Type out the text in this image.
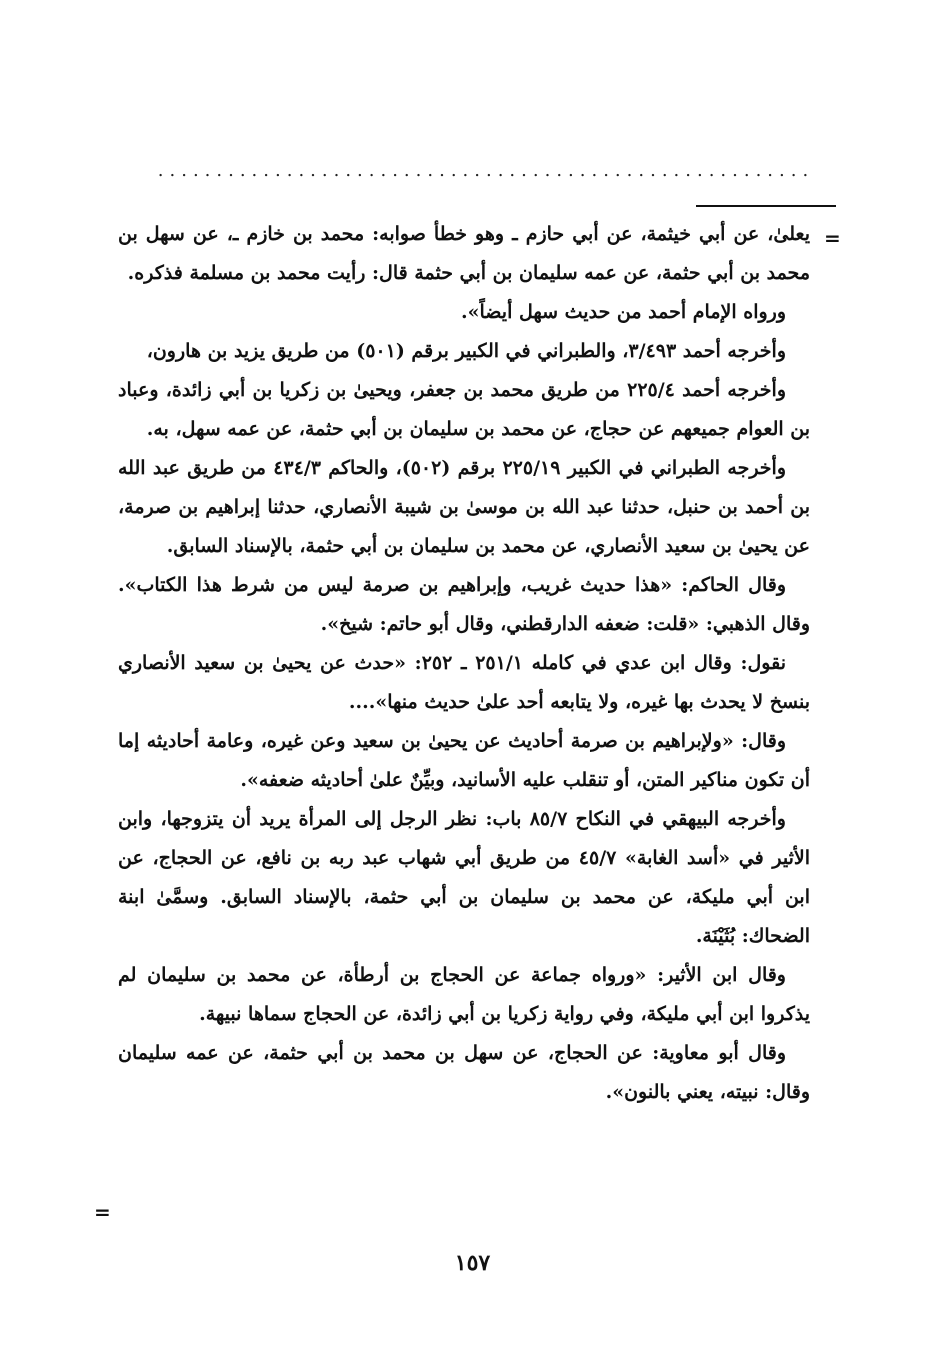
........................................................
=

يعلىٰ، عن أبي خيثمة، عن أبي حازم ـ وهو خطأ صوابه: محمد بن خازم ـ، عن سهل بن محمد بن أبي حثمة، عن عمه سليمان بن أبي حثمة قال: رأيت محمد بن مسلمة فذكره.

ورواه الإمام أحمد من حديث سهل أيضاً».

وأخرجه أحمد ٣/٤٩٣، والطبراني في الكبير برقم (٥٠١) من طريق يزيد بن هارون،

وأخرجه أحمد ٢٢٥/٤ من طريق محمد بن جعفر، ويحيىٰ بن زكريا بن أبي زائدة، وعباد بن العوام جميعهم عن حجاج، عن محمد بن سليمان بن أبي حثمة، عن عمه سهل، به.

وأخرجه الطبراني في الكبير ٢٢٥/١٩ برقم (٥٠٢)، والحاكم ٤٣٤/٣ من طريق عبد الله بن أحمد بن حنبل، حدثنا عبد الله بن موسىٰ بن شيبة الأنصاري، حدثنا إبراهيم بن صرمة، عن يحيىٰ بن سعيد الأنصاري، عن محمد بن سليمان بن أبي حثمة، بالإسناد السابق.

وقال الحاكم: «هذا حديث غريب، وإبراهيم بن صرمة ليس من شرط هذا الكتاب». وقال الذهبي: «قلت: ضعفه الدارقطني، وقال أبو حاتم: شيخ».

نقول: وقال ابن عدي في كامله ٢٥١/١ ـ ٢٥٢: «حدث عن يحيىٰ بن سعيد الأنصاري بنسخ لا يحدث بها غيره، ولا يتابعه أحد علىٰ حديث منها»....

وقال: «ولإبراهيم بن صرمة أحاديث عن يحيىٰ بن سعيد وعن غيره، وعامة أحاديثه إما أن تكون مناكير المتن، أو تنقلب عليه الأسانيد، وبيِّنٌ علىٰ أحاديثه ضعفه».

وأخرجه البيهقي في النكاح ٨٥/٧ باب: نظر الرجل إلى المرأة يريد أن يتزوجها، وابن الأثير في «أسد الغابة» ٤٥/٧ من طريق أبي شهاب عبد ربه بن نافع، عن الحجاج، عن ابن أبي مليكة، عن محمد بن سليمان بن أبي حثمة، بالإسناد السابق. وسمَّىٰ ابنة الضحاك: بُثَيْنَة.

وقال ابن الأثير: «ورواه جماعة عن الحجاج بن أرطأة، عن محمد بن سليمان لم يذكروا ابن أبي مليكة، وفي رواية زكريا بن أبي زائدة، عن الحجاج سماها نبيهة.

وقال أبو معاوية: عن الحجاج، عن سهل بن محمد بن أبي حثمة، عن عمه سليمان وقال: نبيته، يعني بالنون».

=
١٥٧
